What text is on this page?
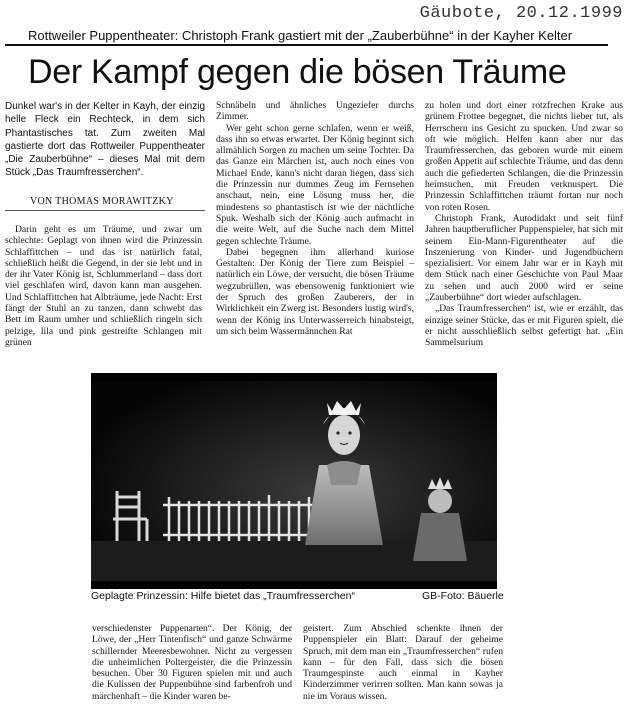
Gäubote, 20.12.1999
Rottweiler Puppentheater: Christoph Frank gastiert mit der „Zauberbühne“ in der Kayher Kelter
Der Kampf gegen die bösen Träume
Dunkel war's in der Kelter in Kayh, der einzig helle Fleck ein Rechteck, in dem sich Phantastisches tat. Zum zweiten Mal gastierte dort das Rottweiler Puppentheater „Die Zauberbühne“ – dieses Mal mit dem Stück „Das Traumfresserchen“.
VON THOMAS MORAWITZKY

Darin geht es um Träume, und zwar um schlechte: Geplagt von ihnen wird die Prinzessin Schlaffittchen – und das ist natürlich fatal, schließlich heißt die Gegend, in der sie lebt und in der ihr Vater König ist, Schlummerland – dass dort viel geschlafen wird, davon kann man ausgehen. Und Schlaffittchen hat Albträume, jede Nacht: Erst fängt der Stuhl an zu tanzen, dann schwebt das Bett im Raum umher und schließlich ringeln sich pelzige, lila und pink gestreifte Schlangen mit grünen

Schnäbeln und ähnliches Ungeziefer durchs Zimmer.

Wer geht schon gerne schlafen, wenn er weiß, dass ihn so etwas erwartet. Der König beginnt sich allmählich Sorgen zu machen um seine Tochter. Da das Ganze ein Märchen ist, auch noch eines von Michael Ende, kann's nicht daran liegen, dass sich die Prinzessin nur dummes Zeug im Fernsehen anschaut, nein, eine Lösung muss her, die mindestens so phantastisch ist wie der nächtliche Spuk. Weshalb sich der König auch aufmacht in die weite Welt, auf die Suche nach dem Mittel gegen schlechte Träume.

Dabei begegnen ihm allerhand kuriose Gestalten: Der König der Tiere zum Beispiel – natürlich ein Löwe, der versucht, die bösen Träume wegzubrüllen, was ebensowenig funktioniert wie der Spruch des großen Zauberers, der in Wirklichkeit ein Zwerg ist. Besonders lustig wird's, wenn der König ins Unterwasserreich hinabsteigt, um sich beim Wassermännchen Rat

zu holen und dort einer rotzfrechen Krake aus grünem Frottee begegnet, die nichts lieber tut, als Herrschern ins Gesicht zu spucken. Und zwar so oft wie möglich. Helfen kann aber nur das Traumfresserchen, das geboren wurde mit einem großen Appetit auf schlechte Träume, und das denn auch die gefiederten Schlangen, die die Prinzessin heimsuchen, mit Freuden verknuspert. Die Prinzessin Schlaffittchen träumt fortan nur noch von roten Rosen.

Christoph Frank, Autodidakt und seit fünf Jahren hauptberuflicher Puppenspieler, hat sich mit seinem Ein-Mann-Figurentheater auf die Inszenierung von Kinder- und Jugendbüchern spezialisiert. Vor einem Jahr war er in Kayh mit dem Stück nach einer Geschichte von Paul Maar zu sehen und auch 2000 wird er seine „Zauberbühne“ dort wieder aufschlagen.

„Das Traumfresserchen“ ist, wie er erzählt, das einzige seiner Stücke, das er mit Figuren spielt, die er nicht ausschließlich selbst gefertigt hat. „Ein Sammelsurium

Geplagte Prinzessin: Hilfe bietet das „Traumfresserchen“	GB-Foto: Bäuerle

verschiedenster Puppenarten“. Der König, der Löwe, der „Herr Tintenfisch“ und ganze Schwärme schillernder Meeresbewohner. Nicht zu vergessen die unheimlichen Poltergeister, die die Prinzessin besuchen. Über 30 Figuren spielen mit und auch die Kulissen der Puppenbühne sind farbenfroh und märchenhaft – die Kinder waren be-

geistert. Zum Abschied schenkte ihnen der Puppenspieler ein Blatt: Darauf der geheime Spruch, mit dem man ein „Traumfresserchen“ rufen kann – für den Fall, dass sich die bösen Traumgespinste auch einmal in Kayher Kinderzimmer verirren sollten. Man kann sowas ja nie im Voraus wissen.
